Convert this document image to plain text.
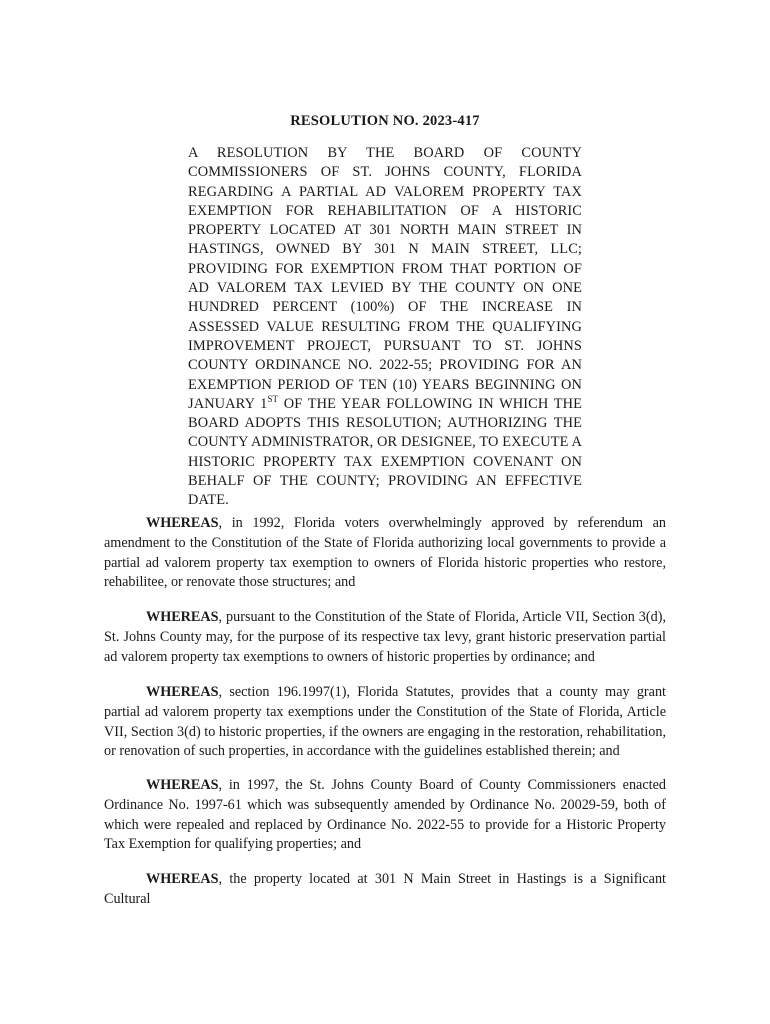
RESOLUTION NO. 2023-417
A RESOLUTION BY THE BOARD OF COUNTY COMMISSIONERS OF ST. JOHNS COUNTY, FLORIDA REGARDING A PARTIAL AD VALOREM PROPERTY TAX EXEMPTION FOR REHABILITATION OF A HISTORIC PROPERTY LOCATED AT 301 NORTH MAIN STREET IN HASTINGS, OWNED BY 301 N MAIN STREET, LLC; PROVIDING FOR EXEMPTION FROM THAT PORTION OF AD VALOREM TAX LEVIED BY THE COUNTY ON ONE HUNDRED PERCENT (100%) OF THE INCREASE IN ASSESSED VALUE RESULTING FROM THE QUALIFYING IMPROVEMENT PROJECT, PURSUANT TO ST. JOHNS COUNTY ORDINANCE NO. 2022-55; PROVIDING FOR AN EXEMPTION PERIOD OF TEN (10) YEARS BEGINNING ON JANUARY 1ST OF THE YEAR FOLLOWING IN WHICH THE BOARD ADOPTS THIS RESOLUTION; AUTHORIZING THE COUNTY ADMINISTRATOR, OR DESIGNEE, TO EXECUTE A HISTORIC PROPERTY TAX EXEMPTION COVENANT ON BEHALF OF THE COUNTY; PROVIDING AN EFFECTIVE DATE.
WHEREAS, in 1992, Florida voters overwhelmingly approved by referendum an amendment to the Constitution of the State of Florida authorizing local governments to provide a partial ad valorem property tax exemption to owners of Florida historic properties who restore, rehabilitee, or renovate those structures; and
WHEREAS, pursuant to the Constitution of the State of Florida, Article VII, Section 3(d), St. Johns County may, for the purpose of its respective tax levy, grant historic preservation partial ad valorem property tax exemptions to owners of historic properties by ordinance; and
WHEREAS, section 196.1997(1), Florida Statutes, provides that a county may grant partial ad valorem property tax exemptions under the Constitution of the State of Florida, Article VII, Section 3(d) to historic properties, if the owners are engaging in the restoration, rehabilitation, or renovation of such properties, in accordance with the guidelines established therein; and
WHEREAS, in 1997, the St. Johns County Board of County Commissioners enacted Ordinance No. 1997-61 which was subsequently amended by Ordinance No. 20029-59, both of which were repealed and replaced by Ordinance No. 2022-55 to provide for a Historic Property Tax Exemption for qualifying properties; and
WHEREAS, the property located at 301 N Main Street in Hastings is a Significant Cultural
